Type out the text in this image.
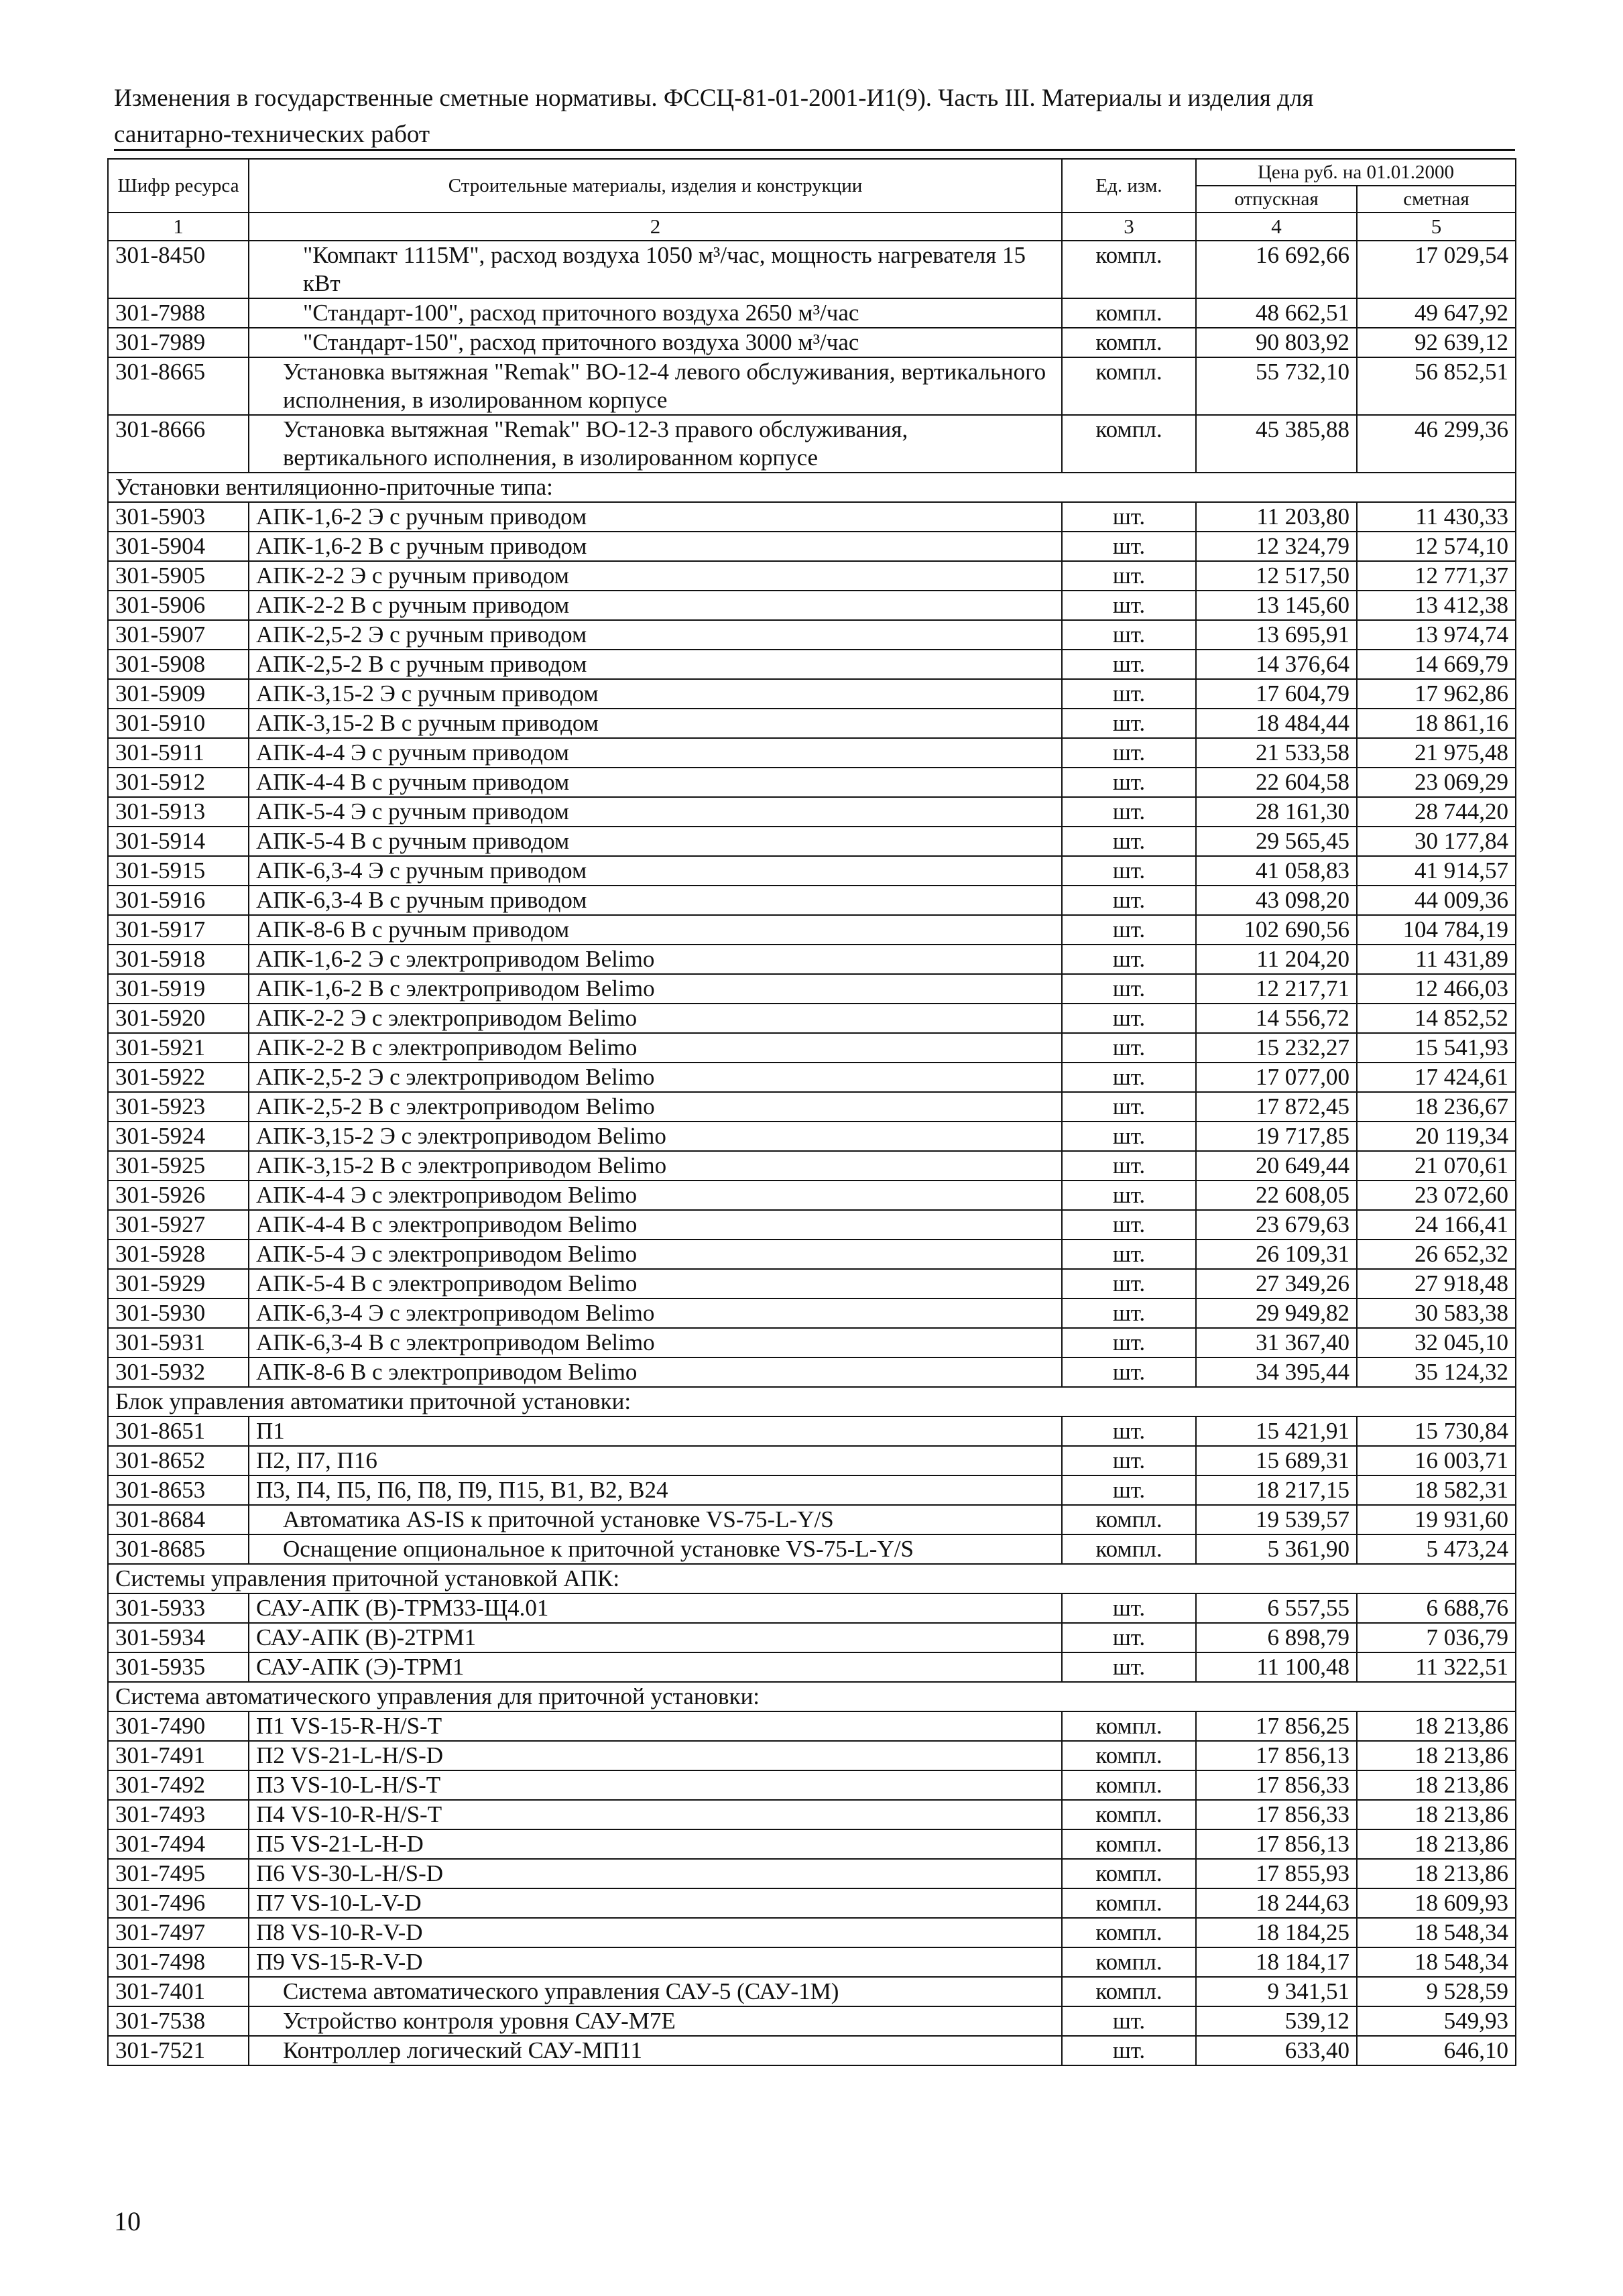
Изменения в государственные сметные нормативы. ФССЦ-81-01-2001-И1(9). Часть III. Материалы и изделия для
санитарно-технических работ
Шифр ресурса	Строительные материалы, изделия и конструкции	Ед. изм.	Цена руб. на 01.01.2000	
			отпускная	сметная
1	2	3	4	5
301-8450	"Компакт 1115М", расход воздуха 1050 м³/час, мощность нагревателя 15 кВт	компл.	16 692,66	17 029,54
301-7988	"Стандарт-100", расход приточного воздуха 2650 м³/час	компл.	48 662,51	49 647,92
301-7989	"Стандарт-150", расход приточного воздуха 3000 м³/час	компл.	90 803,92	92 639,12
301-8665	Установка вытяжная "Remak" ВО-12-4 левого обслуживания, вертикального исполнения, в изолированном корпусе	компл.	55 732,10	56 852,51
301-8666	Установка вытяжная "Remak" ВО-12-3 правого обслуживания, вертикального исполнения, в изолированном корпусе	компл.	45 385,88	46 299,36
Установки вентиляционно-приточные типа:				
301-5903	АПК-1,6-2 Э с ручным приводом	шт.	11 203,80	11 430,33
301-5904	АПК-1,6-2 В с ручным приводом	шт.	12 324,79	12 574,10
301-5905	АПК-2-2 Э с ручным приводом	шт.	12 517,50	12 771,37
301-5906	АПК-2-2 В с ручным приводом	шт.	13 145,60	13 412,38
301-5907	АПК-2,5-2 Э с ручным приводом	шт.	13 695,91	13 974,74
301-5908	АПК-2,5-2 В с ручным приводом	шт.	14 376,64	14 669,79
301-5909	АПК-3,15-2 Э с ручным приводом	шт.	17 604,79	17 962,86
301-5910	АПК-3,15-2 В с ручным приводом	шт.	18 484,44	18 861,16
301-5911	АПК-4-4 Э с ручным приводом	шт.	21 533,58	21 975,48
301-5912	АПК-4-4 В с ручным приводом	шт.	22 604,58	23 069,29
301-5913	АПК-5-4 Э с ручным приводом	шт.	28 161,30	28 744,20
301-5914	АПК-5-4 В с ручным приводом	шт.	29 565,45	30 177,84
301-5915	АПК-6,3-4 Э с ручным приводом	шт.	41 058,83	41 914,57
301-5916	АПК-6,3-4 В с ручным приводом	шт.	43 098,20	44 009,36
301-5917	АПК-8-6 В с ручным приводом	шт.	102 690,56	104 784,19
301-5918	АПК-1,6-2 Э с электроприводом Belimo	шт.	11 204,20	11 431,89
301-5919	АПК-1,6-2 В с электроприводом Belimo	шт.	12 217,71	12 466,03
301-5920	АПК-2-2 Э с электроприводом Belimo	шт.	14 556,72	14 852,52
301-5921	АПК-2-2 В с электроприводом Belimo	шт.	15 232,27	15 541,93
301-5922	АПК-2,5-2 Э с электроприводом Belimo	шт.	17 077,00	17 424,61
301-5923	АПК-2,5-2 В с электроприводом Belimo	шт.	17 872,45	18 236,67
301-5924	АПК-3,15-2 Э с электроприводом Belimo	шт.	19 717,85	20 119,34
301-5925	АПК-3,15-2 В с электроприводом Belimo	шт.	20 649,44	21 070,61
301-5926	АПК-4-4 Э с электроприводом Belimo	шт.	22 608,05	23 072,60
301-5927	АПК-4-4 В с электроприводом Belimo	шт.	23 679,63	24 166,41
301-5928	АПК-5-4 Э с электроприводом Belimo	шт.	26 109,31	26 652,32
301-5929	АПК-5-4 В с электроприводом Belimo	шт.	27 349,26	27 918,48
301-5930	АПК-6,3-4 Э с электроприводом Belimo	шт.	29 949,82	30 583,38
301-5931	АПК-6,3-4 В с электроприводом Belimo	шт.	31 367,40	32 045,10
301-5932	АПК-8-6 В с электроприводом Belimo	шт.	34 395,44	35 124,32
Блок управления автоматики приточной установки:				
301-8651	П1	шт.	15 421,91	15 730,84
301-8652	П2, П7, П16	шт.	15 689,31	16 003,71
301-8653	П3, П4, П5, П6, П8, П9, П15, В1, В2, В24	шт.	18 217,15	18 582,31
301-8684	Автоматика AS-IS к приточной установке VS-75-L-Y/S	компл.	19 539,57	19 931,60
301-8685	Оснащение опциональное к приточной установке VS-75-L-Y/S	компл.	5 361,90	5 473,24
Системы управления приточной установкой АПК:				
301-5933	САУ-АПК (В)-ТРМ33-Щ4.01	шт.	6 557,55	6 688,76
301-5934	САУ-АПК (В)-2ТРМ1	шт.	6 898,79	7 036,79
301-5935	САУ-АПК (Э)-ТРМ1	шт.	11 100,48	11 322,51
Система автоматического управления для приточной установки:				
301-7490	П1 VS-15-R-H/S-T	компл.	17 856,25	18 213,86
301-7491	П2 VS-21-L-H/S-D	компл.	17 856,13	18 213,86
301-7492	П3 VS-10-L-H/S-T	компл.	17 856,33	18 213,86
301-7493	П4 VS-10-R-H/S-T	компл.	17 856,33	18 213,86
301-7494	П5 VS-21-L-H-D	компл.	17 856,13	18 213,86
301-7495	П6 VS-30-L-H/S-D	компл.	17 855,93	18 213,86
301-7496	П7 VS-10-L-V-D	компл.	18 244,63	18 609,93
301-7497	П8 VS-10-R-V-D	компл.	18 184,25	18 548,34
301-7498	П9 VS-15-R-V-D	компл.	18 184,17	18 548,34
301-7401	Система автоматического управления САУ-5 (САУ-1М)	компл.	9 341,51	9 528,59
301-7538	Устройство контроля уровня САУ-М7Е	шт.	539,12	549,93
301-7521	Контроллер логический САУ-МП11	шт.	633,40	646,10
10
